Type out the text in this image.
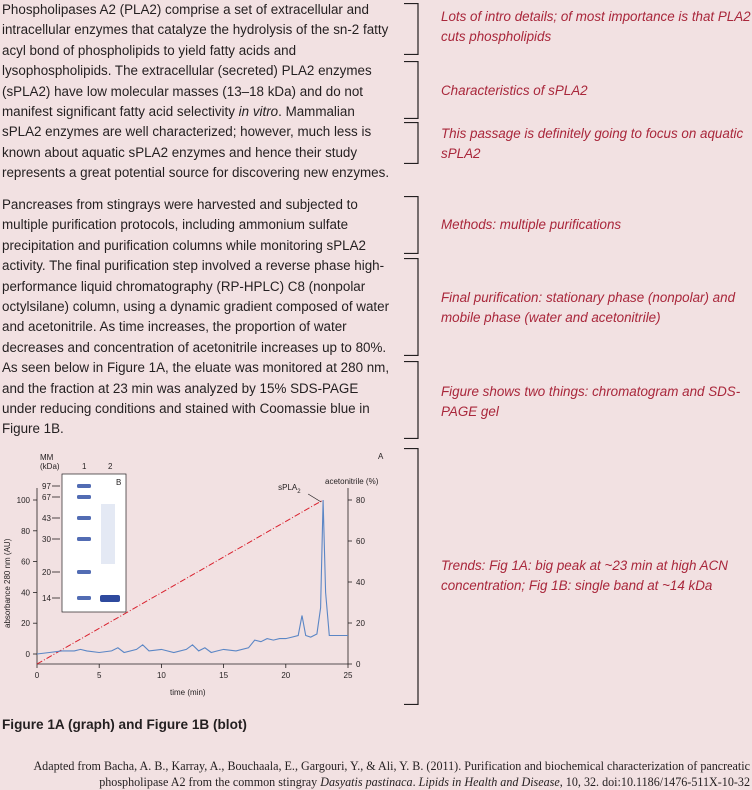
Phospholipases A2 (PLA2) comprise a set of extracellular and intracellular enzymes that catalyze the hydrolysis of the sn-2 fatty acyl bond of phospholipids to yield fatty acids and lysophospholipids. The extracellular (secreted) PLA2 enzymes (sPLA2) have low molecular masses (13–18 kDa) and do not manifest significant fatty acid selectivity in vitro. Mammalian sPLA2 enzymes are well characterized; however, much less is known about aquatic sPLA2 enzymes and hence their study represents a great potential source for discovering new enzymes.

Pancreases from stingrays were harvested and subjected to multiple purification protocols, including ammonium sulfate precipitation and purification columns while monitoring sPLA2 activity. The final purification step involved a reverse phase high-performance liquid chromatography (RP-HPLC) C8 (nonpolar octylsilane) column, using a dynamic gradient composed of water and acetonitrile. As time increases, the proportion of water decreases and concentration of acetonitrile increases up to 80%. As seen below in Figure 1A, the eluate was monitored at 280 nm, and the fraction at 23 min was analyzed by 15% SDS-PAGE under reducing conditions and stained with Coomassie blue in Figure 1B.

Lots of intro details; of most importance is that PLA2 cuts phospholipids
Characteristics of sPLA2
This passage is definitely going to focus on aquatic sPLA2
Methods: multiple purifications
Final purification: stationary phase (nonpolar) and mobile phase (water and acetonitrile)
Figure shows two things: chromatogram and SDS-PAGE gel
Trends: Fig 1A: big peak at ~23 min at high ACN concentration; Fig 1B: single band at ~14 kDa
A
MM
(kDa)	1	2
acetonitrile (%)
time (min)
absorbance 280 nm (AU)
B
97
67
43
30
20
14
0	5	10	15	20	25
0
20
40
60
80
100
0
20
40
60
80
sPLA$_2$
Figure 1A (graph) and Figure 1B (blot)
Adapted from Bacha, A. B., Karray, A., Bouchaala, E., Gargouri, Y., & Ali, Y. B. (2011). Purification and biochemical characterization of pancreatic
phospholipase A2 from the common stingray Dasyatis pastinaca. Lipids in Health and Disease, 10, 32. doi:10.1186/1476-511X-10-32
